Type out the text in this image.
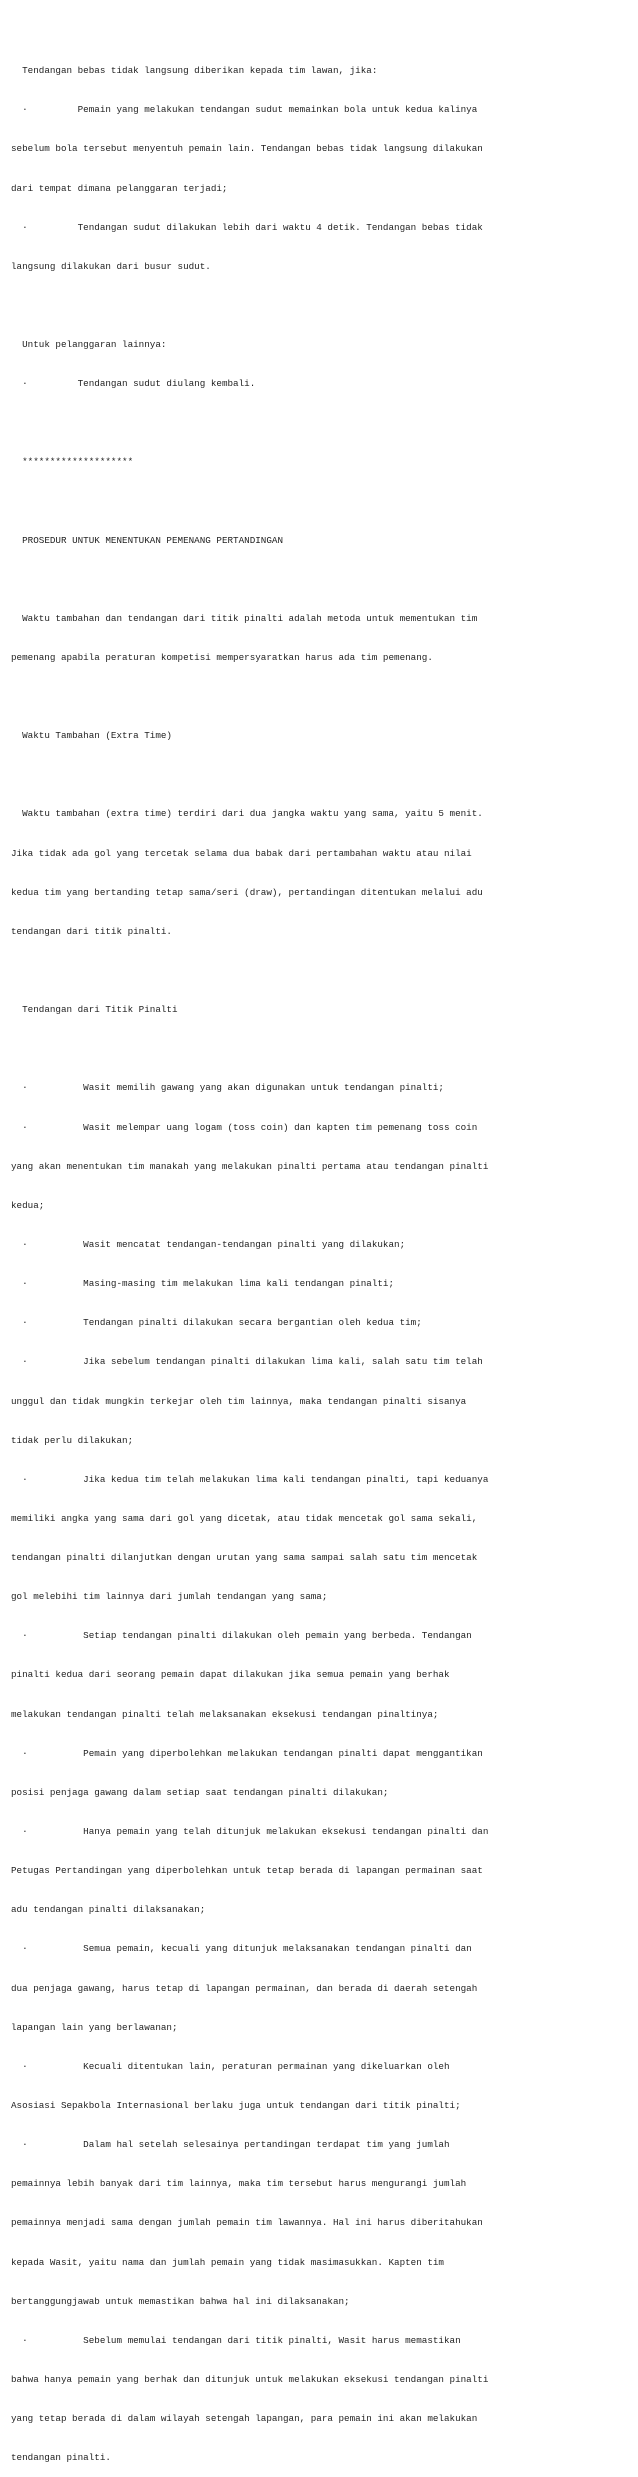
Tendangan bebas tidak langsung diberikan kepada tim lawan, jika:

·         Pemain yang melakukan tendangan sudut memainkan bola untuk kedua kalinya

sebelum bola tersebut menyentuh pemain lain. Tendangan bebas tidak langsung dilakukan

dari tempat dimana pelanggaran terjadi;

·         Tendangan sudut dilakukan lebih dari waktu 4 detik. Tendangan bebas tidak

langsung dilakukan dari busur sudut.

Untuk pelanggaran lainnya:

·         Tendangan sudut diulang kembali.

********************

PROSEDUR UNTUK MENENTUKAN PEMENANG PERTANDINGAN

Waktu tambahan dan tendangan dari titik pinalti adalah metoda untuk mementukan tim

pemenang apabila peraturan kompetisi mempersyaratkan harus ada tim pemenang.

Waktu Tambahan (Extra Time)

Waktu tambahan (extra time) terdiri dari dua jangka waktu yang sama, yaitu 5 menit.

Jika tidak ada gol yang tercetak selama dua babak dari pertambahan waktu atau nilai

kedua tim yang bertanding tetap sama/seri (draw), pertandingan ditentukan melalui adu

tendangan dari titik pinalti.

Tendangan dari Titik Pinalti

·          Wasit memilih gawang yang akan digunakan untuk tendangan pinalti;

·          Wasit melempar uang logam (toss coin) dan kapten tim pemenang toss coin

yang akan menentukan tim manakah yang melakukan pinalti pertama atau tendangan pinalti

kedua;

·          Wasit mencatat tendangan-tendangan pinalti yang dilakukan;

·          Masing-masing tim melakukan lima kali tendangan pinalti;

·          Tendangan pinalti dilakukan secara bergantian oleh kedua tim;

·          Jika sebelum tendangan pinalti dilakukan lima kali, salah satu tim telah

unggul dan tidak mungkin terkejar oleh tim lainnya, maka tendangan pinalti sisanya

tidak perlu dilakukan;

·          Jika kedua tim telah melakukan lima kali tendangan pinalti, tapi keduanya

memiliki angka yang sama dari gol yang dicetak, atau tidak mencetak gol sama sekali,

tendangan pinalti dilanjutkan dengan urutan yang sama sampai salah satu tim mencetak

gol melebihi tim lainnya dari jumlah tendangan yang sama;

·          Setiap tendangan pinalti dilakukan oleh pemain yang berbeda. Tendangan

pinalti kedua dari seorang pemain dapat dilakukan jika semua pemain yang berhak

melakukan tendangan pinalti telah melaksanakan eksekusi tendangan pinaltinya;

·          Pemain yang diperbolehkan melakukan tendangan pinalti dapat menggantikan

posisi penjaga gawang dalam setiap saat tendangan pinalti dilakukan;

·          Hanya pemain yang telah ditunjuk melakukan eksekusi tendangan pinalti dan

Petugas Pertandingan yang diperbolehkan untuk tetap berada di lapangan permainan saat

adu tendangan pinalti dilaksanakan;

·          Semua pemain, kecuali yang ditunjuk melaksanakan tendangan pinalti dan

dua penjaga gawang, harus tetap di lapangan permainan, dan berada di daerah setengah

lapangan lain yang berlawanan;

·          Kecuali ditentukan lain, peraturan permainan yang dikeluarkan oleh

Asosiasi Sepakbola Internasional berlaku juga untuk tendangan dari titik pinalti;

·          Dalam hal setelah selesainya pertandingan terdapat tim yang jumlah

pemainnya lebih banyak dari tim lainnya, maka tim tersebut harus mengurangi jumlah

pemainnya menjadi sama dengan jumlah pemain tim lawannya. Hal ini harus diberitahukan

kepada Wasit, yaitu nama dan jumlah pemain yang tidak masimasukkan. Kapten tim

bertanggungjawab untuk memastikan bahwa hal ini dilaksanakan;

·          Sebelum memulai tendangan dari titik pinalti, Wasit harus memastikan

bahwa hanya pemain yang berhak dan ditunjuk untuk melakukan eksekusi tendangan pinalti

yang tetap berada di dalam wilayah setengah lapangan, para pemain ini akan melakukan

tendangan pinalti.
